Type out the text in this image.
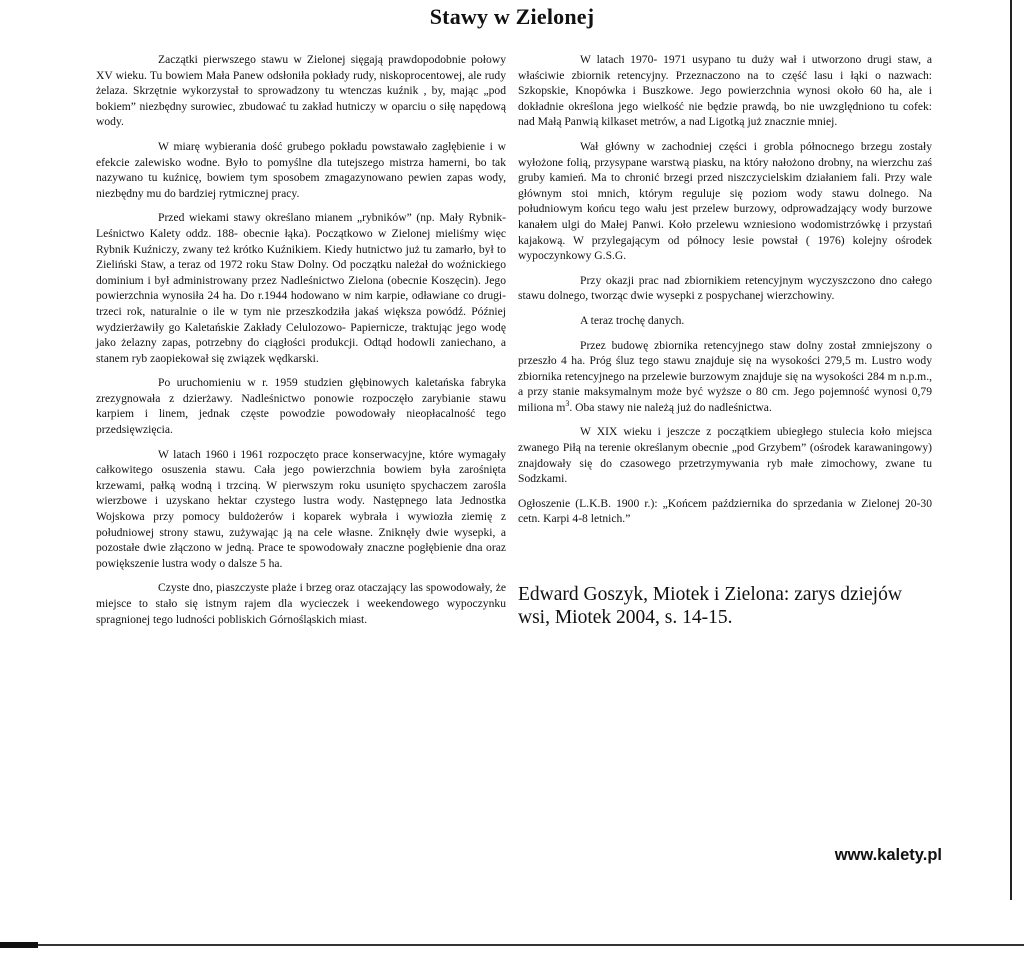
Stawy w Zielonej

Zaczątki pierwszego stawu w Zielonej sięgają prawdopodobnie połowy XV wieku. Tu bowiem Mała Panew odsłoniła pokłady rudy, niskoprocentowej, ale rudy żelaza. Skrzętnie wykorzystał to sprowadzony tu wtenczas kuźnik , by, mając „pod bokiem” niezbędny surowiec, zbudować tu zakład hutniczy w oparciu o siłę napędową wody.

W miarę wybierania dość grubego pokładu powstawało zagłębienie i w efekcie zalewisko wodne. Było to pomyślne dla tutejszego mistrza hamerni, bo tak nazywano tu kuźnicę, bowiem tym sposobem zmagazynowano pewien zapas wody, niezbędny mu do bardziej rytmicznej pracy.

Przed wiekami stawy określano mianem „rybników” (np. Mały Rybnik- Leśnictwo Kalety oddz. 188- obecnie łąka). Początkowo w Zielonej mieliśmy więc Rybnik Kuźniczy, zwany też krótko Kuźnikiem. Kiedy hutnictwo już tu zamarło, był to Zieliński Staw, a teraz od 1972 roku Staw Dolny. Od początku należał do woźnickiego dominium i był administrowany przez Nadleśnictwo Zielona (obecnie Koszęcin). Jego powierzchnia wynosiła 24 ha. Do r.1944 hodowano w nim karpie, odławiane co drugi- trzeci rok, naturalnie o ile w tym nie przeszkodziła jakaś większa powódź. Później wydzierżawiły go Kaletańskie Zakłady Celulozowo- Papiernicze, traktując jego wodę jako żelazny zapas, potrzebny do ciągłości produkcji. Odtąd hodowli zaniechano, a stanem ryb zaopiekował się związek wędkarski.

Po uruchomieniu w r. 1959 studzien głębinowych kaletańska fabryka zrezygnowała z dzierżawy. Nadleśnictwo ponowie rozpoczęło zarybianie stawu karpiem i linem, jednak częste powodzie powodowały nieopłacalność tego przedsięwzięcia.

W latach 1960 i 1961 rozpoczęto prace konserwacyjne, które wymagały całkowitego osuszenia stawu. Cała jego powierzchnia bowiem była zarośnięta krzewami, pałką wodną i trzciną. W pierwszym roku usunięto spychaczem zarośla wierzbowe i uzyskano hektar czystego lustra wody. Następnego lata Jednostka Wojskowa przy pomocy buldożerów i koparek wybrała i wywiozła ziemię z południowej strony stawu, zużywając ją na cele własne. Zniknęły dwie wysepki, a pozostałe dwie złączono w jedną. Prace te spowodowały znaczne pogłębienie dna oraz powiększenie lustra wody o dalsze 5 ha.

Czyste dno, piaszczyste plaże i brzeg oraz otaczający las spowodowały, że miejsce to stało się istnym rajem dla wycieczek i weekendowego wypoczynku spragnionej tego ludności pobliskich Górnośląskich miast.

W latach 1970- 1971 usypano tu duży wał i utworzono drugi staw, a właściwie zbiornik retencyjny. Przeznaczono na to część lasu i łąki o nazwach: Szkopskie, Knopówka i Buszkowe. Jego powierzchnia wynosi około 60 ha, ale i dokładnie określona jego wielkość nie będzie prawdą, bo nie uwzględniono tu cofek: nad Małą Panwią kilkaset metrów, a nad Ligotką już znacznie mniej.

Wał główny w zachodniej części i grobla północnego brzegu zostały wyłożone folią, przysypane warstwą piasku, na który nałożono drobny, na wierzchu zaś gruby kamień. Ma to chronić brzegi przed niszczycielskim działaniem fali. Przy wale głównym stoi mnich, którym reguluje się poziom wody stawu dolnego. Na południowym końcu tego wału jest przelew burzowy, odprowadzający wody burzowe kanałem ulgi do Małej Panwi. Koło przelewu wzniesiono wodomistrzówkę i przystań kajakową. W przylegającym od północy lesie powstał ( 1976) kolejny ośrodek wypoczynkowy G.S.G.

Przy okazji prac nad zbiornikiem retencyjnym wyczyszczono dno całego stawu dolnego, tworząc dwie wysepki z pospychanej wierzchowiny.

A teraz trochę danych.

Przez budowę zbiornika retencyjnego staw dolny został zmniejszony o przeszło 4 ha. Próg śluz tego stawu znajduje się na wysokości 279,5 m. Lustro wody zbiornika retencyjnego na przelewie burzowym znajduje się na wysokości 284 m n.p.m., a przy stanie maksymalnym może być wyższe o 80 cm. Jego pojemność wynosi 0,79 miliona $m^3$. Oba stawy nie należą już do nadleśnictwa.

W XIX wieku i jeszcze z początkiem ubiegłego stulecia koło miejsca zwanego Piłą na terenie określanym obecnie „pod Grzybem” (ośrodek karawaningowy) znajdowały się do czasowego przetrzymywania ryb małe zimochowy, zwane tu Sodzkami.

Ogłoszenie (L.K.B. 1900 r.): „Końcem października do sprzedania w Zielonej 20-30 cetn. Karpi 4-8 letnich.”

Edward Goszyk, Miotek i Zielona: zarys dziejów wsi, Miotek 2004, s. 14-15.

www.kalety.pl
